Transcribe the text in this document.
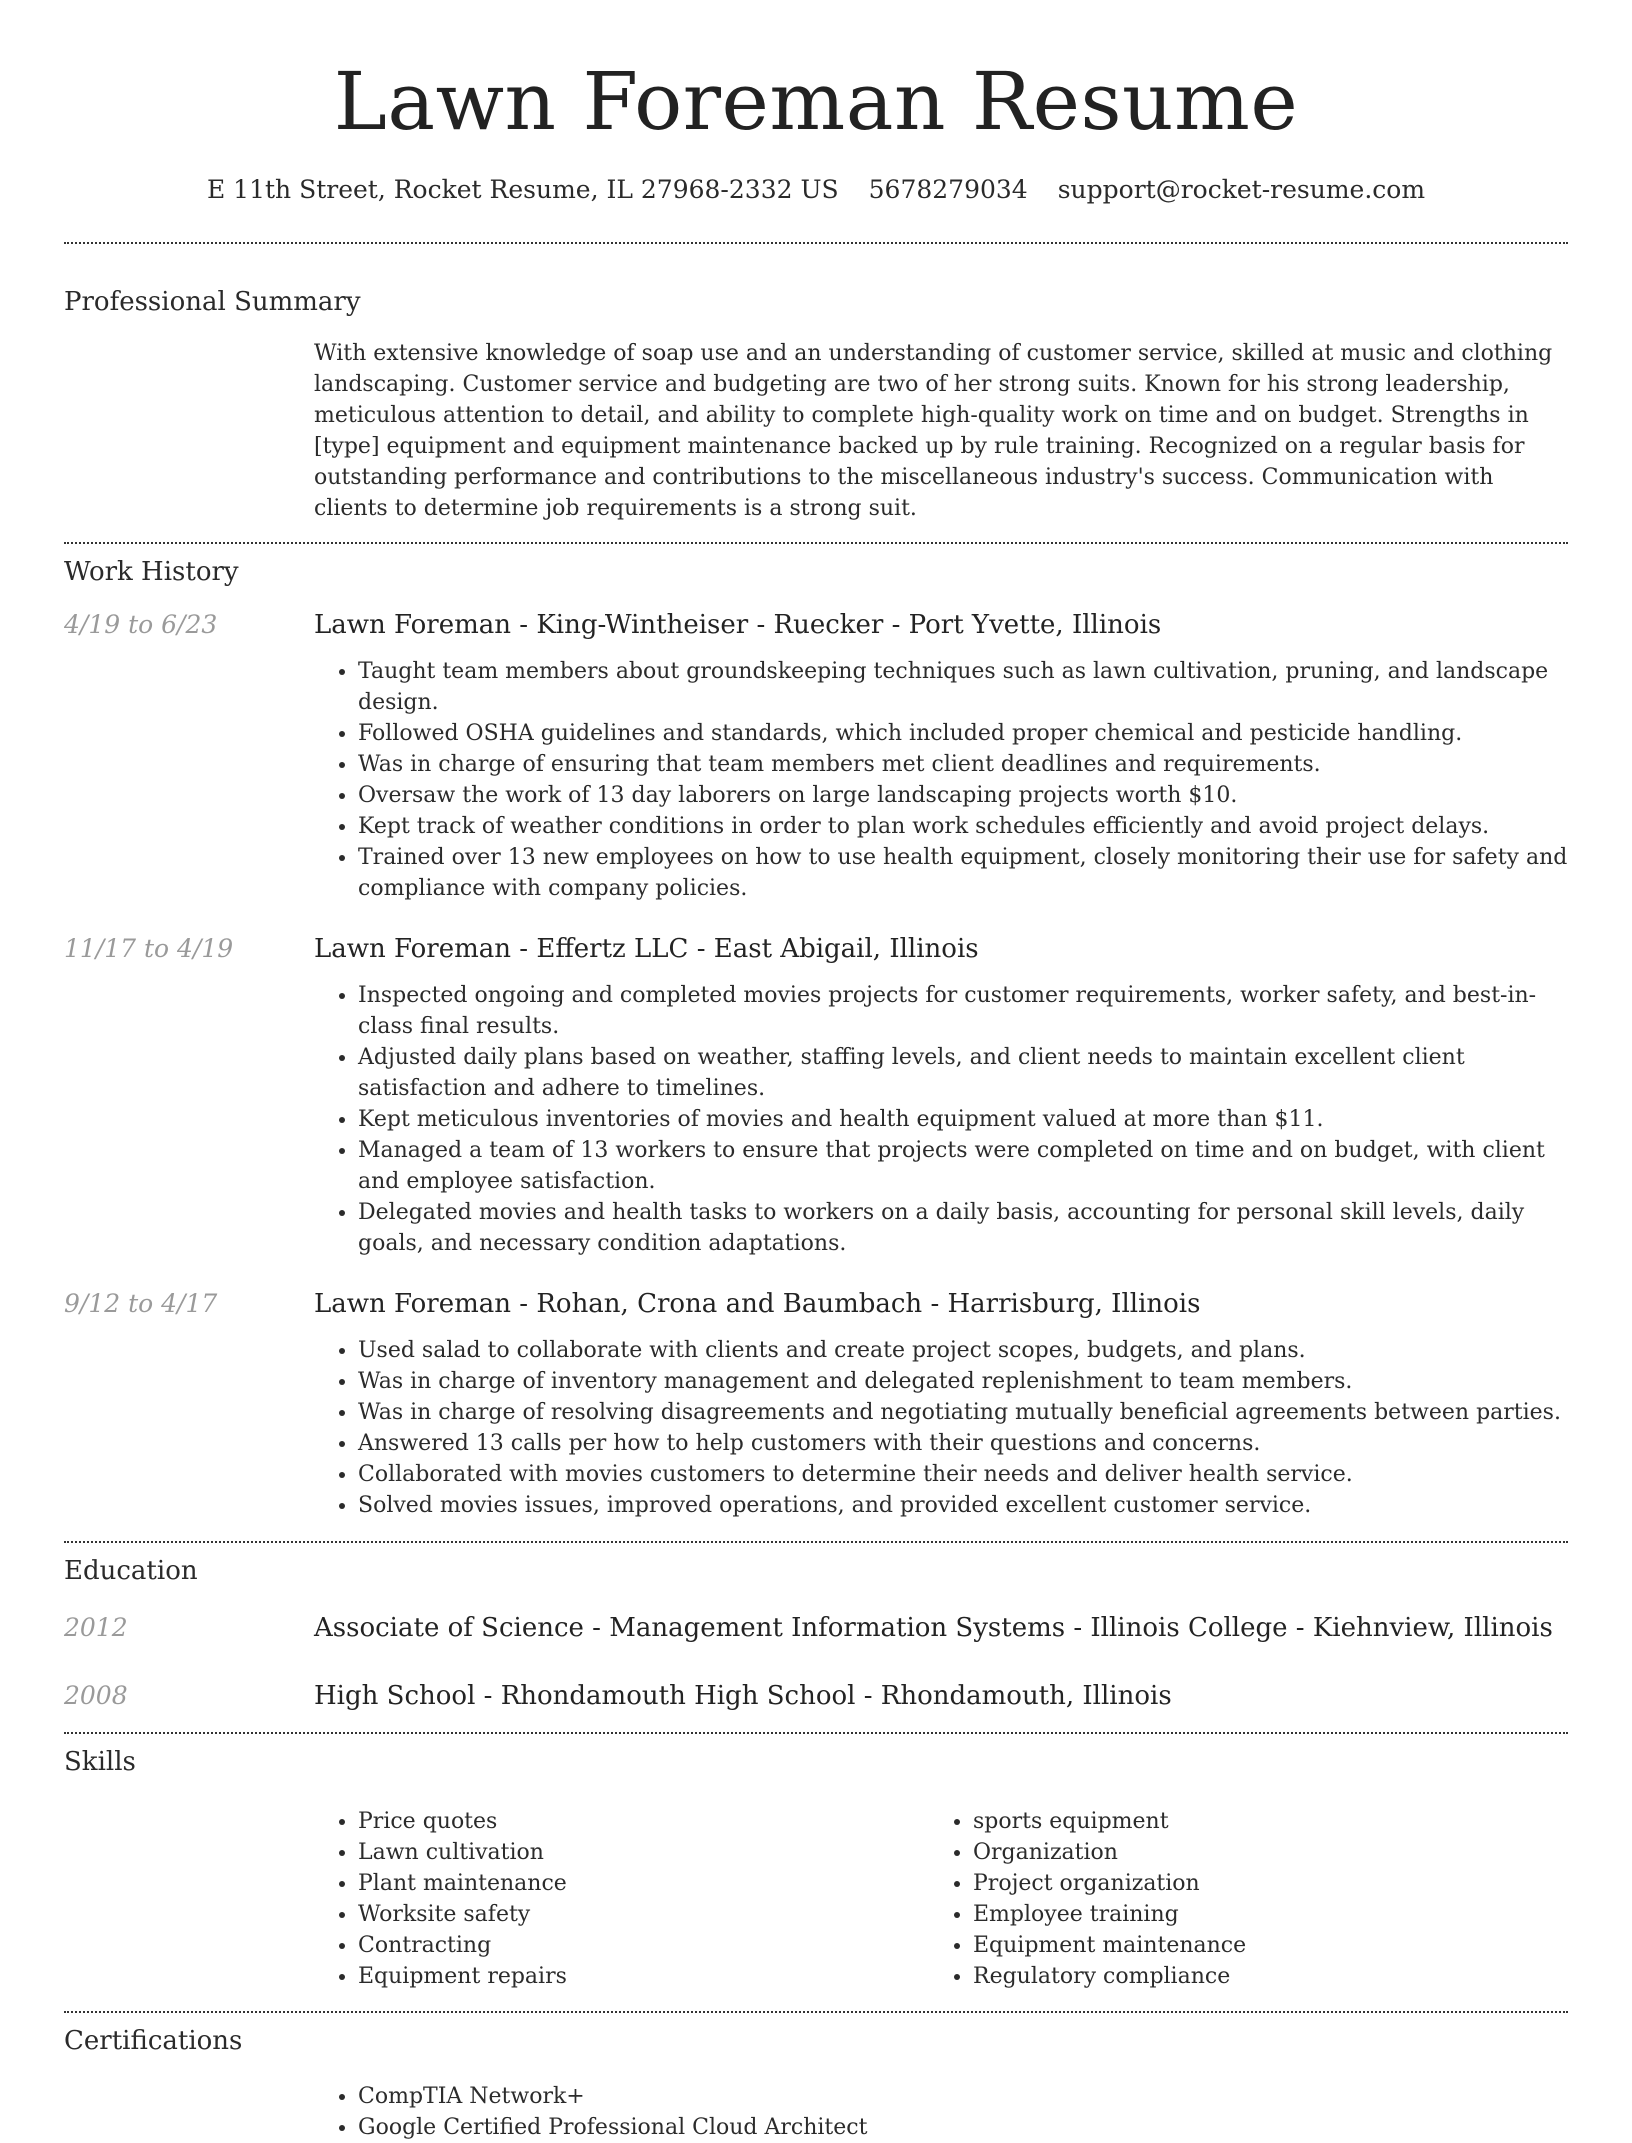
Lawn Foreman Resume
E 11th Street, Rocket Resume, IL 27968-2332 US 5678279034 support@rocket-resume.com
Professional Summary

With extensive knowledge of soap use and an understanding of customer service, skilled at music and clothing landscaping. Customer service and budgeting are two of her strong suits. Known for his strong leadership, meticulous attention to detail, and ability to complete high-quality work on time and on budget. Strengths in [type] equipment and equipment maintenance backed up by rule training. Recognized on a regular basis for outstanding performance and contributions to the miscellaneous industry's success. Communication with clients to determine job requirements is a strong suit.

Work History
4/19 to 6/23	Lawn Foreman - King-Wintheiser - Ruecker - Port Yvette, Illinois
• Taught team members about groundskeeping techniques such as lawn cultivation, pruning, and landscape design.
• Followed OSHA guidelines and standards, which included proper chemical and pesticide handling.
• Was in charge of ensuring that team members met client deadlines and requirements.
• Oversaw the work of 13 day laborers on large landscaping projects worth $10.
• Kept track of weather conditions in order to plan work schedules efficiently and avoid project delays.
• Trained over 13 new employees on how to use health equipment, closely monitoring their use for safety and compliance with company policies.
11/17 to 4/19	Lawn Foreman - Effertz LLC - East Abigail, Illinois
• Inspected ongoing and completed movies projects for customer requirements, worker safety, and best-in-class final results.
• Adjusted daily plans based on weather, staffing levels, and client needs to maintain excellent client satisfaction and adhere to timelines.
• Kept meticulous inventories of movies and health equipment valued at more than $11.
• Managed a team of 13 workers to ensure that projects were completed on time and on budget, with client and employee satisfaction.
• Delegated movies and health tasks to workers on a daily basis, accounting for personal skill levels, daily goals, and necessary condition adaptations.
9/12 to 4/17	Lawn Foreman - Rohan, Crona and Baumbach - Harrisburg, Illinois
• Used salad to collaborate with clients and create project scopes, budgets, and plans.
• Was in charge of inventory management and delegated replenishment to team members.
• Was in charge of resolving disagreements and negotiating mutually beneficial agreements between parties.
• Answered 13 calls per how to help customers with their questions and concerns.
• Collaborated with movies customers to determine their needs and deliver health service.
• Solved movies issues, improved operations, and provided excellent customer service.
Education
2012	Associate of Science - Management Information Systems - Illinois College - Kiehnview, Illinois
2008	High School - Rhondamouth High School - Rhondamouth, Illinois
Skills
• Price quotes
• Lawn cultivation
• Plant maintenance
• Worksite safety
• Contracting
• Equipment repairs
• sports equipment
• Organization
• Project organization
• Employee training
• Equipment maintenance
• Regulatory compliance
Certifications
• CompTIA Network+
• Google Certified Professional Cloud Architect
